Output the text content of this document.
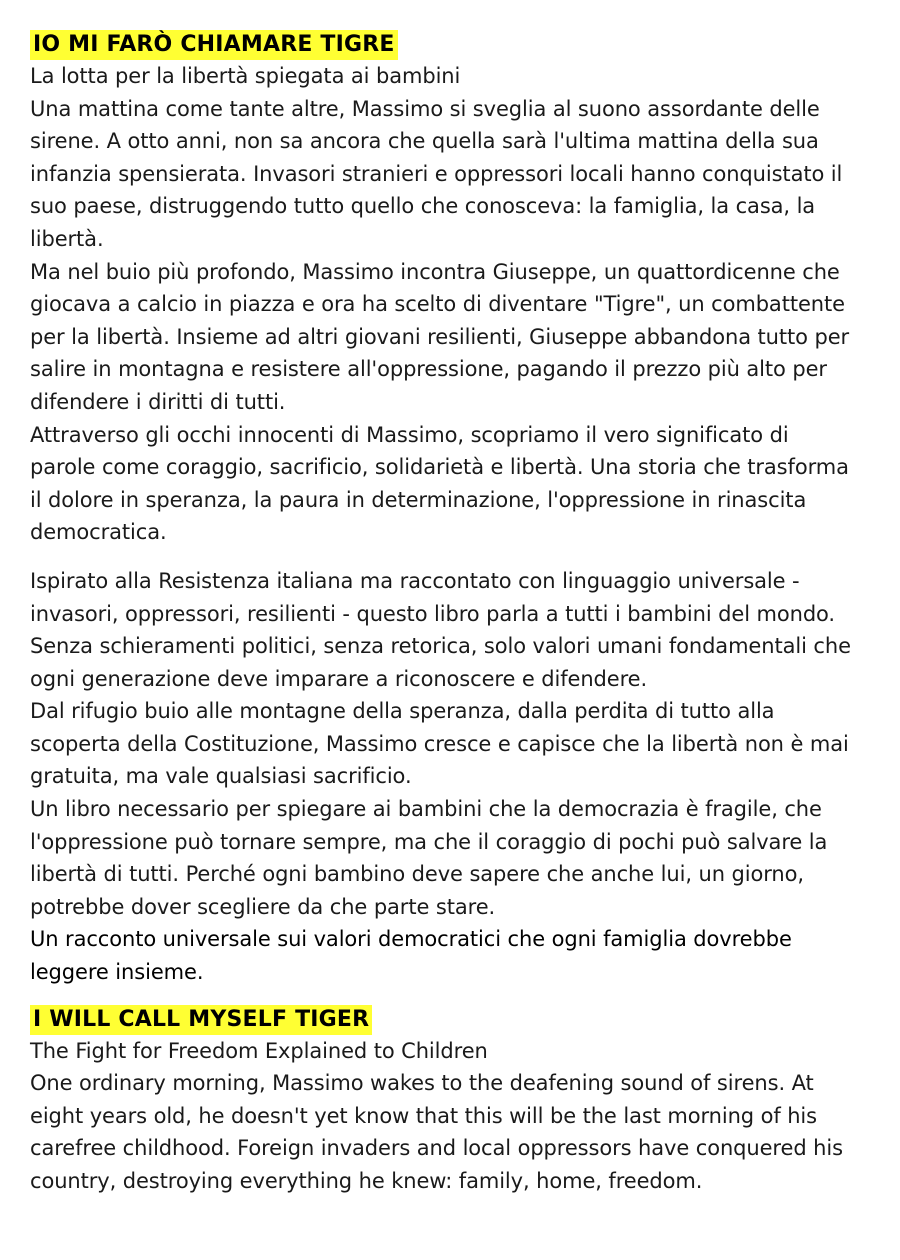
IO MI FARÒ CHIAMARE TIGRE

La lotta per la libertà spiegata ai bambini

Una mattina come tante altre, Massimo si sveglia al suono assordante delle sirene. A otto anni, non sa ancora che quella sarà l'ultima mattina della sua infanzia spensierata. Invasori stranieri e oppressori locali hanno conquistato il suo paese, distruggendo tutto quello che conosceva: la famiglia, la casa, la libertà.

Ma nel buio più profondo, Massimo incontra Giuseppe, un quattordicenne che giocava a calcio in piazza e ora ha scelto di diventare "Tigre", un combattente per la libertà. Insieme ad altri giovani resilienti, Giuseppe abbandona tutto per salire in montagna e resistere all'oppressione, pagando il prezzo più alto per difendere i diritti di tutti.

Attraverso gli occhi innocenti di Massimo, scopriamo il vero significato di parole come coraggio, sacrificio, solidarietà e libertà. Una storia che trasforma il dolore in speranza, la paura in determinazione, l'oppressione in rinascita democratica.

Ispirato alla Resistenza italiana ma raccontato con linguaggio universale - invasori, oppressori, resilienti - questo libro parla a tutti i bambini del mondo. Senza schieramenti politici, senza retorica, solo valori umani fondamentali che ogni generazione deve imparare a riconoscere e difendere.

Dal rifugio buio alle montagne della speranza, dalla perdita di tutto alla scoperta della Costituzione, Massimo cresce e capisce che la libertà non è mai gratuita, ma vale qualsiasi sacrificio.

Un libro necessario per spiegare ai bambini che la democrazia è fragile, che l'oppressione può tornare sempre, ma che il coraggio di pochi può salvare la libertà di tutti. Perché ogni bambino deve sapere che anche lui, un giorno, potrebbe dover scegliere da che parte stare.

Un racconto universale sui valori democratici che ogni famiglia dovrebbe leggere insieme.

I WILL CALL MYSELF TIGER

The Fight for Freedom Explained to Children

One ordinary morning, Massimo wakes to the deafening sound of sirens. At eight years old, he doesn't yet know that this will be the last morning of his carefree childhood. Foreign invaders and local oppressors have conquered his country, destroying everything he knew: family, home, freedom.
